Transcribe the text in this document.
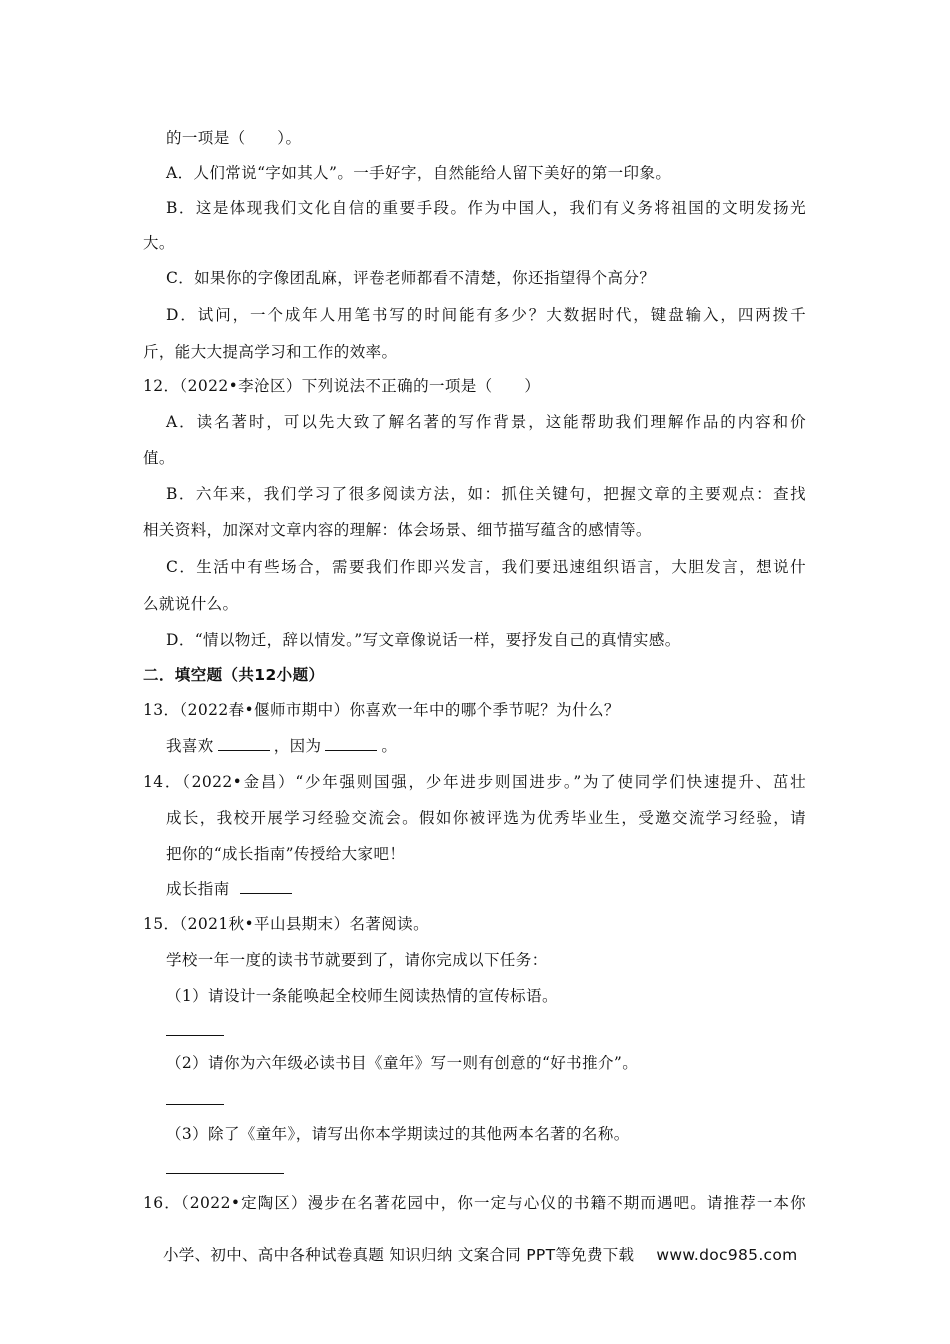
的一项是（　　）。
A．人们常说“字如其人”。一手好字，自然能给人留下美好的第一印象。
B．这是体现我们文化自信的重要手段。作为中国人，我们有义务将祖国的文明发扬光
大。
C．如果你的字像团乱麻，评卷老师都看不清楚，你还指望得个高分？
D．试问，一个成年人用笔书写的时间能有多少？大数据时代，键盘输入，四两拨千
斤，能大大提高学习和工作的效率。
12．（2022•李沧区）下列说法不正确的一项是（　　）
A．读名著时，可以先大致了解名著的写作背景，这能帮助我们理解作品的内容和价
值。
B．六年来，我们学习了很多阅读方法，如：抓住关键句，把握文章的主要观点：查找
相关资料，加深对文章内容的理解：体会场景、细节描写蕴含的感情等。
C．生活中有些场合，需要我们作即兴发言，我们要迅速组织语言，大胆发言，想说什
么就说什么。
D．“情以物迁，辞以情发。”写文章像说话一样，要抒发自己的真情实感。
二．填空题（共12小题）
13．（2022春•偃师市期中）你喜欢一年中的哪个季节呢？为什么？
我喜欢	，因为	。
14．（2022•金昌）“少年强则国强，少年进步则国进步。”为了使同学们快速提升、茁壮
成长，我校开展学习经验交流会。假如你被评选为优秀毕业生，受邀交流学习经验，请
把你的“成长指南”传授给大家吧！
成长指南
15．（2021秋•平山县期末）名著阅读。
学校一年一度的读书节就要到了，请你完成以下任务：
（1）请设计一条能唤起全校师生阅读热情的宣传标语。
（2）请你为六年级必读书目《童年》写一则有创意的“好书推介”。
（3）除了《童年》，请写出你本学期读过的其他两本名著的名称。
16．（2022•定陶区）漫步在名著花园中，你一定与心仪的书籍不期而遇吧。请推荐一本你
小学、初中、高中各种试卷真题 知识归纳 文案合同 PPT等免费下载 www.doc985.com
